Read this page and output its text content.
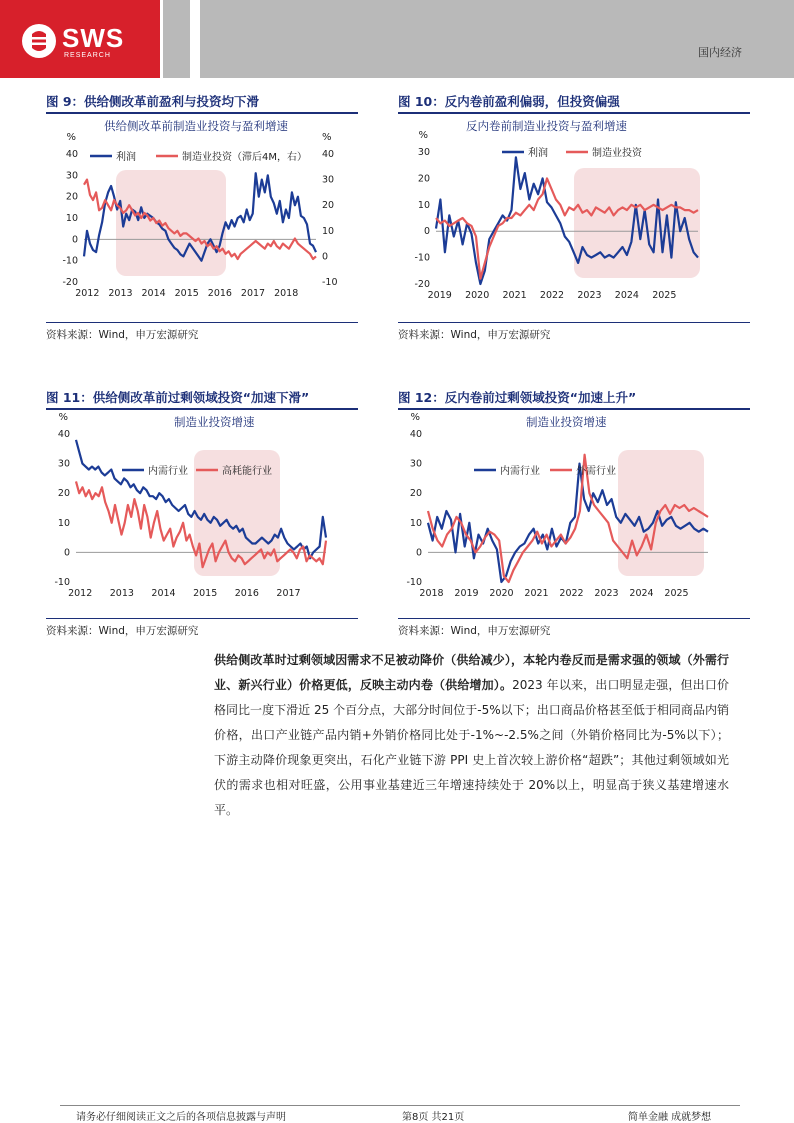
SWS
RESEARCH	国内经济
图 9：供给侧改革前盈利与投资均下滑
供给侧改革前制造业投资与盈利增速
%	%
-20
-10
0
10
20
30
40
-10
0
10
20
30
40
2012 2013 2014 2015 2016 2017 2018
利润	制造业投资（滞后4M，右）
资料来源：Wind，申万宏源研究
图 10：反内卷前盈利偏弱，但投资偏强
反内卷前制造业投资与盈利增速
%
-20
-10
0
10
20
30
2019 2020 2021 2022 2023 2024 2025
利润	制造业投资
资料来源：Wind，申万宏源研究
图 11：供给侧改革前过剩领域投资“加速下滑”
制造业投资增速
%
-10
0
10
20
30
40
2012 2013 2014 2015 2016 2017
内需行业	高耗能行业
资料来源：Wind，申万宏源研究
图 12：反内卷前过剩领域投资“加速上升”
制造业投资增速
%
-10
0
10
20
30
40
2018 2019 2020 2021 2022 2023 2024 2025
内需行业	外需行业
资料来源：Wind，申万宏源研究
供给侧改革时过剩领域因需求不足被动降价（供给减少），本轮内卷反而是需求强的领域（外需行业、新兴行业）价格更低，反映主动内卷（供给增加）。2023 年以来，出口明显走强，但出口价格同比一度下滑近 25 个百分点，大部分时间位于-5%以下；出口商品价格甚至低于相同商品内销价格，出口产业链产品内销+外销价格同比处于-1%~-2.5%之间（外销价格同比为-5%以下）；下游主动降价现象更突出，石化产业链下游 PPI 史上首次较上游价格“超跌”；其他过剩领域如光伏的需求也相对旺盛，公用事业基建近三年增速持续处于 20%以上，明显高于狭义基建增速水平。
请务必仔细阅读正文之后的各项信息披露与声明	第8页 共21页	简单金融 成就梦想
